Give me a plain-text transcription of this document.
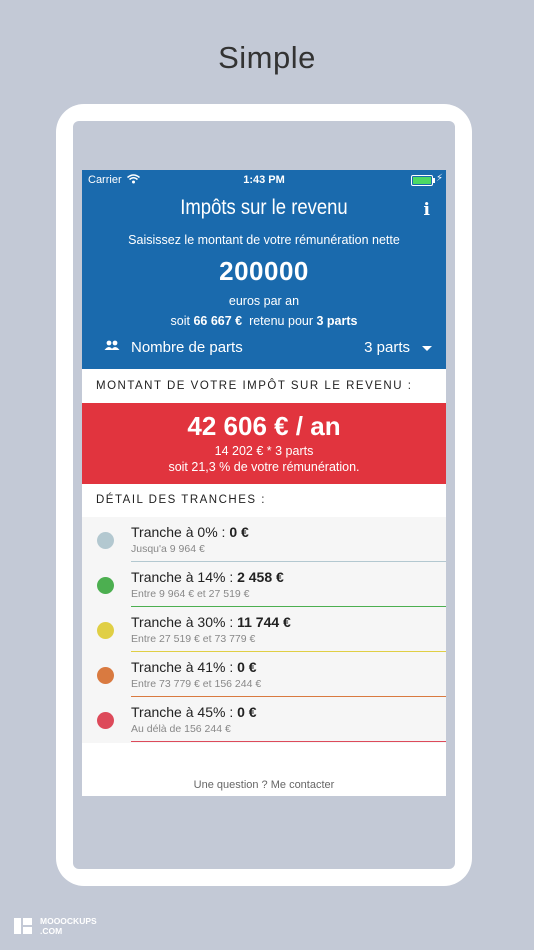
Simple
Carrier	1:43 PM	⚡
Impôts sur le revenu	i
Saisissez le montant de votre rémunération nette
200000
euros par an
soit 66 667 €  retenu pour 3 parts
Nombre de parts	3 parts
MONTANT DE VOTRE IMPÔT SUR LE REVENU :
42 606 € / an
14 202 € * 3 parts
soit 21,3 % de votre rémunération.
DÉTAIL DES TRANCHES :
Tranche à 0% : 0 €
Jusqu'a 9 964 €
Tranche à 14% : 2 458 €
Entre 9 964 € et 27 519 €
Tranche à 30% : 11 744 €
Entre 27 519 € et 73 779 €
Tranche à 41% : 0 €
Entre 73 779 € et 156 244 €
Tranche à 45% : 0 €
Au délà de 156 244 €
Une question ? Me contacter
MOOOCKUPS
.COM
